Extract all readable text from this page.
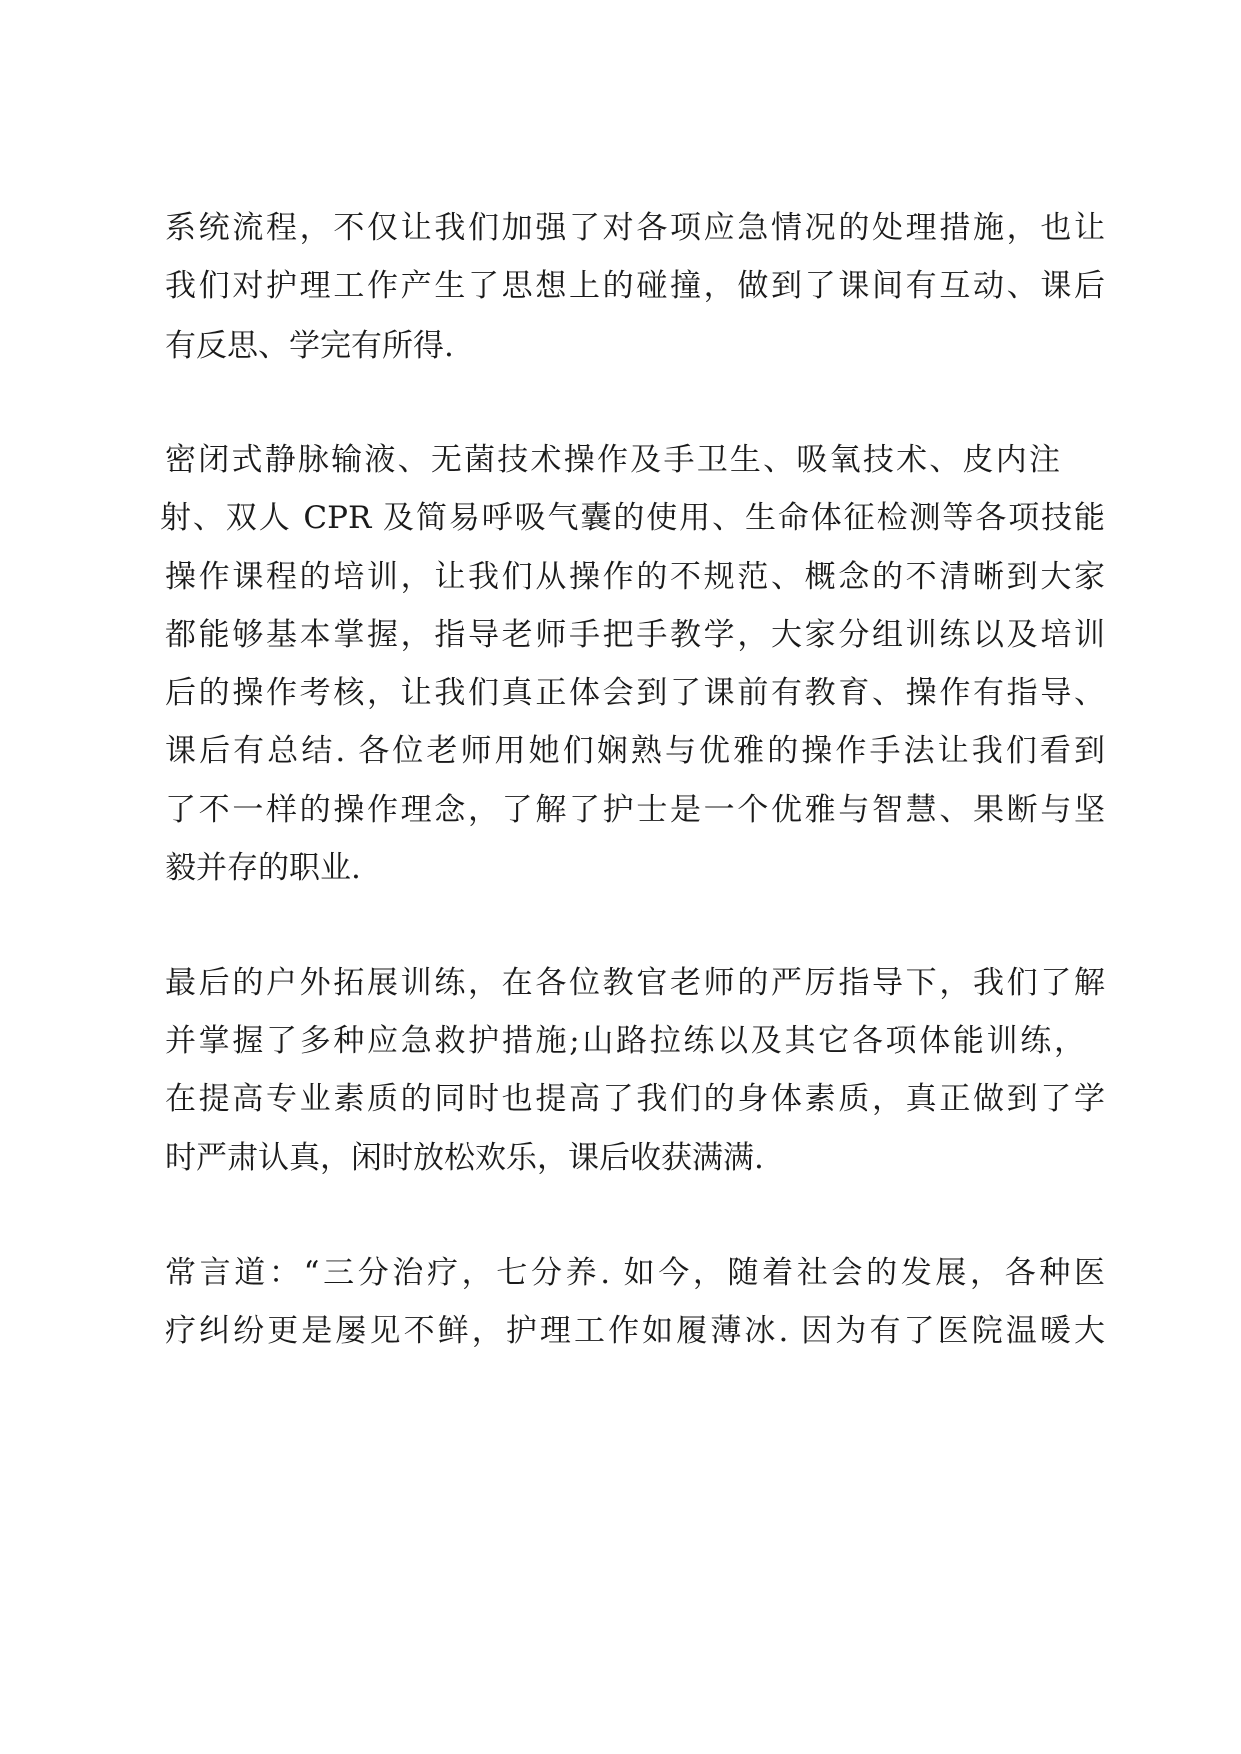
系统流程，不仅让我们加强了对各项应急情况的处理措施，也让
我们对护理工作产生了思想上的碰撞，做到了课间有互动、课后
有反思、学完有所得.
密闭式静脉输液、无菌技术操作及手卫生、吸氧技术、皮内注
射、双人 CPR 及简易呼吸气囊的使用、生命体征检测等各项技能
操作课程的培训，让我们从操作的不规范、概念的不清晰到大家
都能够基本掌握，指导老师手把手教学，大家分组训练以及培训
后的操作考核，让我们真正体会到了课前有教育、操作有指导、
课后有总结. 各位老师用她们娴熟与优雅的操作手法让我们看到
了不一样的操作理念，了解了护士是一个优雅与智慧、果断与坚
毅并存的职业.
最后的户外拓展训练，在各位教官老师的严厉指导下，我们了解
并掌握了多种应急救护措施;山路拉练以及其它各项体能训练，
在提高专业素质的同时也提高了我们的身体素质，真正做到了学
时严肃认真，闲时放松欢乐，课后收获满满.
常言道：“三分治疗，七分养. 如今，随着社会的发展，各种医
疗纠纷更是屡见不鲜，护理工作如履薄冰. 因为有了医院温暖大
